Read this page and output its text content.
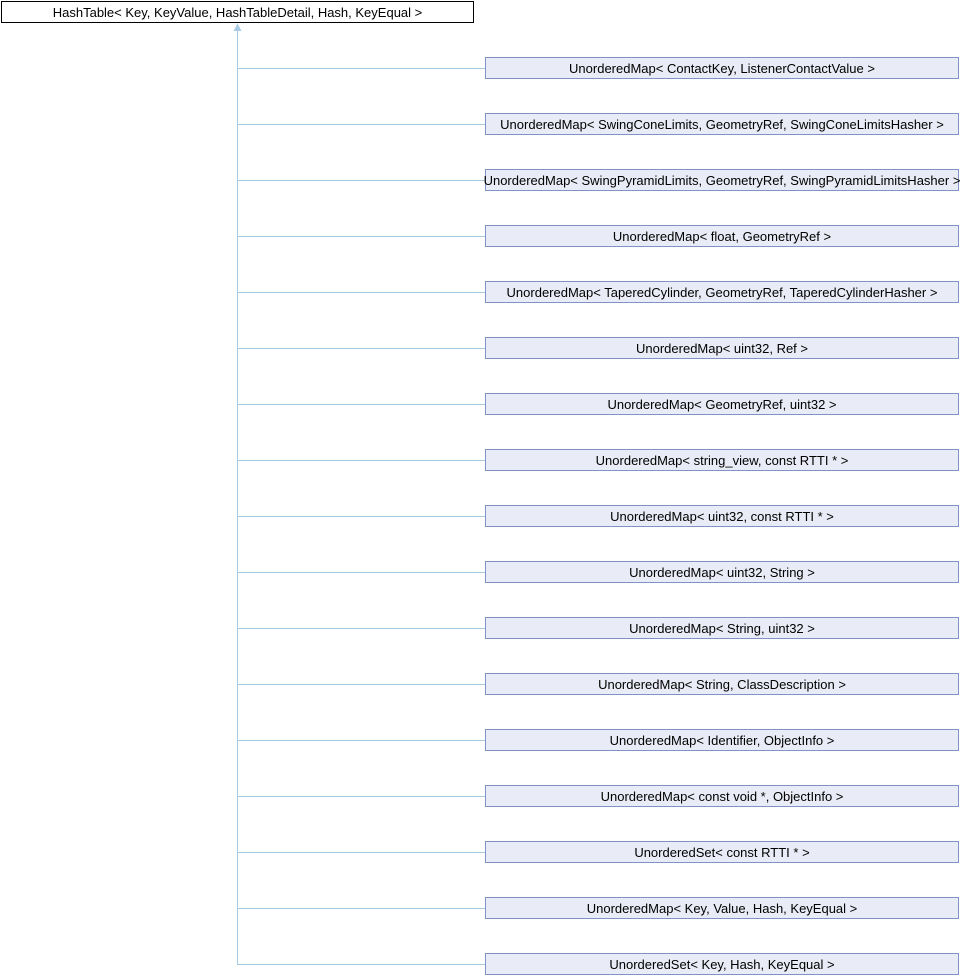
HashTable< Key, KeyValue, HashTableDetail, Hash, KeyEqual >
UnorderedMap< ContactKey, ListenerContactValue >
UnorderedMap< SwingConeLimits, GeometryRef, SwingConeLimitsHasher >
UnorderedMap< SwingPyramidLimits, GeometryRef, SwingPyramidLimitsHasher >
UnorderedMap< float, GeometryRef >
UnorderedMap< TaperedCylinder, GeometryRef, TaperedCylinderHasher >
UnorderedMap< uint32, Ref >
UnorderedMap< GeometryRef, uint32 >
UnorderedMap< string_view, const RTTI * >
UnorderedMap< uint32, const RTTI * >
UnorderedMap< uint32, String >
UnorderedMap< String, uint32 >
UnorderedMap< String, ClassDescription >
UnorderedMap< Identifier, ObjectInfo >
UnorderedMap< const void *, ObjectInfo >
UnorderedSet< const RTTI * >
UnorderedMap< Key, Value, Hash, KeyEqual >
UnorderedSet< Key, Hash, KeyEqual >
